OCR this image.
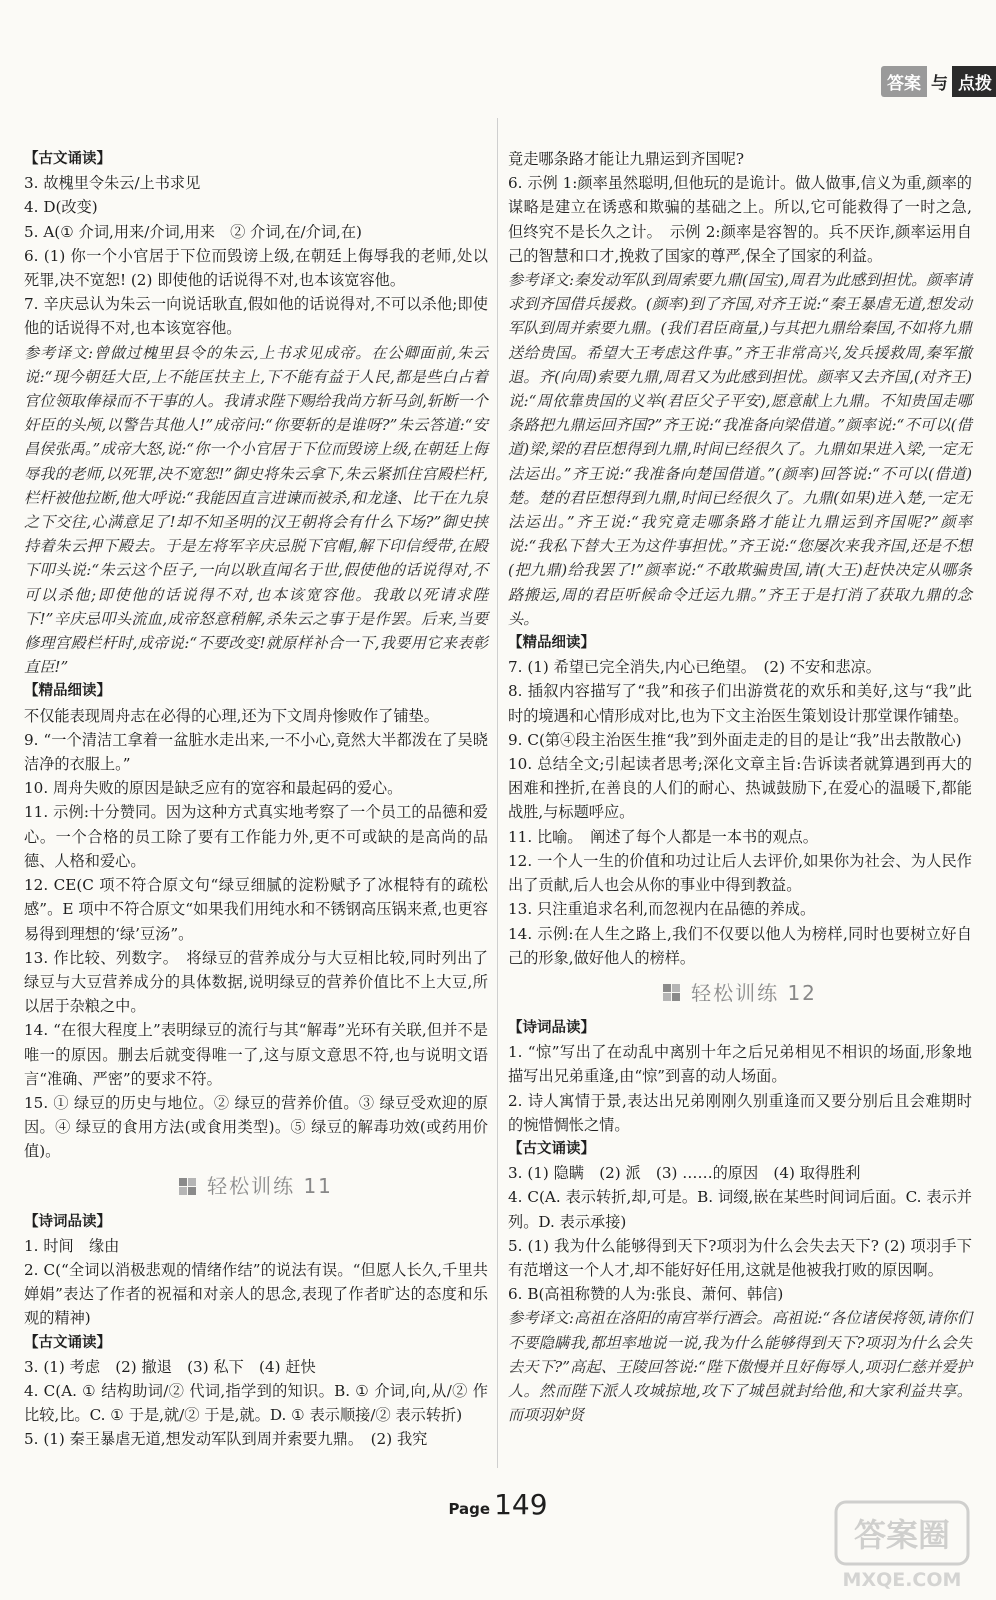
答案 与 点拨

【古文诵读】

3. 故槐里令朱云/上书求见

4. D(改变)

5. A(① 介词,用来/介词,用来　② 介词,在/介词,在)

6. (1) 你一个小官居于下位而毁谤上级,在朝廷上侮辱我的老师,处以死罪,决不宽恕! (2) 即使他的话说得不对,也本该宽容他。

7. 辛庆忌认为朱云一向说话耿直,假如他的话说得对,不可以杀他;即使他的话说得不对,也本该宽容他。

参考译文:曾做过槐里县令的朱云,上书求见成帝。在公卿面前,朱云说:“现今朝廷大臣,上不能匡扶主上,下不能有益于人民,都是些白占着官位领取俸禄而不干事的人。我请求陛下赐给我尚方斩马剑,斩断一个奸臣的头颅,以警告其他人!”成帝问:“你要斩的是谁呀?”朱云答道:“安昌侯张禹。”成帝大怒,说:“你一个小官居于下位而毁谤上级,在朝廷上侮辱我的老师,以死罪,决不宽恕!”御史将朱云拿下,朱云紧抓住宫殿栏杆,栏杆被他拉断,他大呼说:“我能因直言进谏而被杀,和龙逢、比干在九泉之下交往,心满意足了!却不知圣明的汉王朝将会有什么下场?”御史挟持着朱云押下殿去。于是左将军辛庆忌脱下官帽,解下印信绶带,在殿下叩头说:“朱云这个臣子,一向以耿直闻名于世,假使他的话说得对,不可以杀他;即使他的话说得不对,也本该宽容他。我敢以死请求陛下!”辛庆忌叩头流血,成帝怒意稍解,杀朱云之事于是作罢。后来,当要修理宫殿栏杆时,成帝说:“不要改变!就原样补合一下,我要用它来表彰直臣!”

【精品细读】

不仅能表现周舟志在必得的心理,还为下文周舟惨败作了铺垫。

9. “一个清洁工拿着一盆脏水走出来,一不小心,竟然大半都泼在了吴晓洁净的衣服上。”

10. 周舟失败的原因是缺乏应有的宽容和最起码的爱心。

11. 示例:十分赞同。因为这种方式真实地考察了一个员工的品德和爱心。一个合格的员工除了要有工作能力外,更不可或缺的是高尚的品德、人格和爱心。

12. CE(C 项不符合原文句“绿豆细腻的淀粉赋予了冰棍特有的疏松感”。E 项中不符合原文“如果我们用纯水和不锈钢高压锅来煮,也更容易得到理想的‘绿’豆汤”。

13. 作比较、列数字。　将绿豆的营养成分与大豆相比较,同时列出了绿豆与大豆营养成分的具体数据,说明绿豆的营养价值比不上大豆,所以居于杂粮之中。

14. “在很大程度上”表明绿豆的流行与其“解毒”光环有关联,但并不是唯一的原因。删去后就变得唯一了,这与原文意思不符,也与说明文语言“准确、严密”的要求不符。

15. ① 绿豆的历史与地位。② 绿豆的营养价值。③ 绿豆受欢迎的原因。④ 绿豆的食用方法(或食用类型)。⑤ 绿豆的解毒功效(或药用价值)。

轻松训练 11

【诗词品读】

1. 时间　缘由

2. C(“全词以消极悲观的情绪作结”的说法有误。“但愿人长久,千里共婵娟”表达了作者的祝福和对亲人的思念,表现了作者旷达的态度和乐观的精神)

【古文诵读】

3. (1) 考虑　(2) 撤退　(3) 私下　(4) 赶快

4. C(A. ① 结构助词/② 代词,指学到的知识。B. ① 介词,向,从/② 作比较,比。C. ① 于是,就/② 于是,就。D. ① 表示顺接/② 表示转折)

5. (1) 秦王暴虐无道,想发动军队到周并索要九鼎。　(2) 我究

竟走哪条路才能让九鼎运到齐国呢?

6. 示例 1:颜率虽然聪明,但他玩的是诡计。做人做事,信义为重,颜率的谋略是建立在诱惑和欺骗的基础之上。所以,它可能救得了一时之急,但终究不是长久之计。　示例 2:颜率是容智的。兵不厌诈,颜率运用自己的智慧和口才,挽救了国家的尊严,保全了国家的利益。

参考译文:秦发动军队到周索要九鼎(国宝),周君为此感到担忧。颜率请求到齐国借兵援救。(颜率)到了齐国,对齐王说:“秦王暴虐无道,想发动军队到周并索要九鼎。(我们君臣商量,)与其把九鼎给秦国,不如将九鼎送给贵国。希望大王考虑这件事。”齐王非常高兴,发兵援救周,秦军撤退。齐(向周)索要九鼎,周君又为此感到担忧。颜率又去齐国,(对齐王)说:“周依靠贵国的义举(君臣父子平安),愿意献上九鼎。不知贵国走哪条路把九鼎运回齐国?”齐王说:“我准备向梁借道。”颜率说:“不可以(借道)梁,梁的君臣想得到九鼎,时间已经很久了。九鼎如果进入梁,一定无法运出。”齐王说:“我准备向楚国借道。”(颜率)回答说:“不可以(借道)楚。楚的君臣想得到九鼎,时间已经很久了。九鼎(如果)进入楚,一定无法运出。”齐王说:“我究竟走哪条路才能让九鼎运到齐国呢?”颜率说:“我私下替大王为这件事担忧。”齐王说:“您屡次来我齐国,还是不想(把九鼎)给我罢了!”颜率说:“不敢欺骗贵国,请(大王)赶快决定从哪条路搬运,周的君臣听候命令迁运九鼎。”齐王于是打消了获取九鼎的念头。

【精品细读】

7. (1) 希望已完全消失,内心已绝望。　(2) 不安和悲凉。

8. 插叙内容描写了“我”和孩子们出游赏花的欢乐和美好,这与“我”此时的境遇和心情形成对比,也为下文主治医生策划设计那堂课作铺垫。

9. C(第④段主治医生推“我”到外面走走的目的是让“我”出去散散心)

10. 总结全文;引起读者思考;深化文章主旨:告诉读者就算遇到再大的困难和挫折,在善良的人们的耐心、热诚鼓励下,在爱心的温暖下,都能战胜,与标题呼应。

11. 比喻。　阐述了每个人都是一本书的观点。

12. 一个人一生的价值和功过让后人去评价,如果你为社会、为人民作出了贡献,后人也会从你的事业中得到教益。

13. 只注重追求名利,而忽视内在品德的养成。

14. 示例:在人生之路上,我们不仅要以他人为榜样,同时也要树立好自己的形象,做好他人的榜样。

轻松训练 12

【诗词品读】

1. “惊”写出了在动乱中离别十年之后兄弟相见不相识的场面,形象地描写出兄弟重逢,由“惊”到喜的动人场面。

2. 诗人寓情于景,表达出兄弟刚刚久别重逢而又要分别后且会难期时的惋惜惆怅之情。

【古文诵读】

3. (1) 隐瞒　(2) 派　(3) ……的原因　(4) 取得胜利

4. C(A. 表示转折,却,可是。B. 词缀,嵌在某些时间词后面。C. 表示并列。D. 表示承接)

5. (1) 我为什么能够得到天下?项羽为什么会失去天下? (2) 项羽手下有范增这一个人才,却不能好好任用,这就是他被我打败的原因啊。

6. B(高祖称赞的人为:张良、萧何、韩信)

参考译文:高祖在洛阳的南宫举行酒会。高祖说:“各位诸侯将领,请你们不要隐瞒我,都坦率地说一说,我为什么能够得到天下?项羽为什么会失去天下?”高起、王陵回答说:“陛下傲慢并且好侮辱人,项羽仁慈并爱护人。然而陛下派人攻城掠地,攻下了城邑就封给他,和大家利益共享。而项羽妒贤

Page 149
答案圈
MXQE.COM
